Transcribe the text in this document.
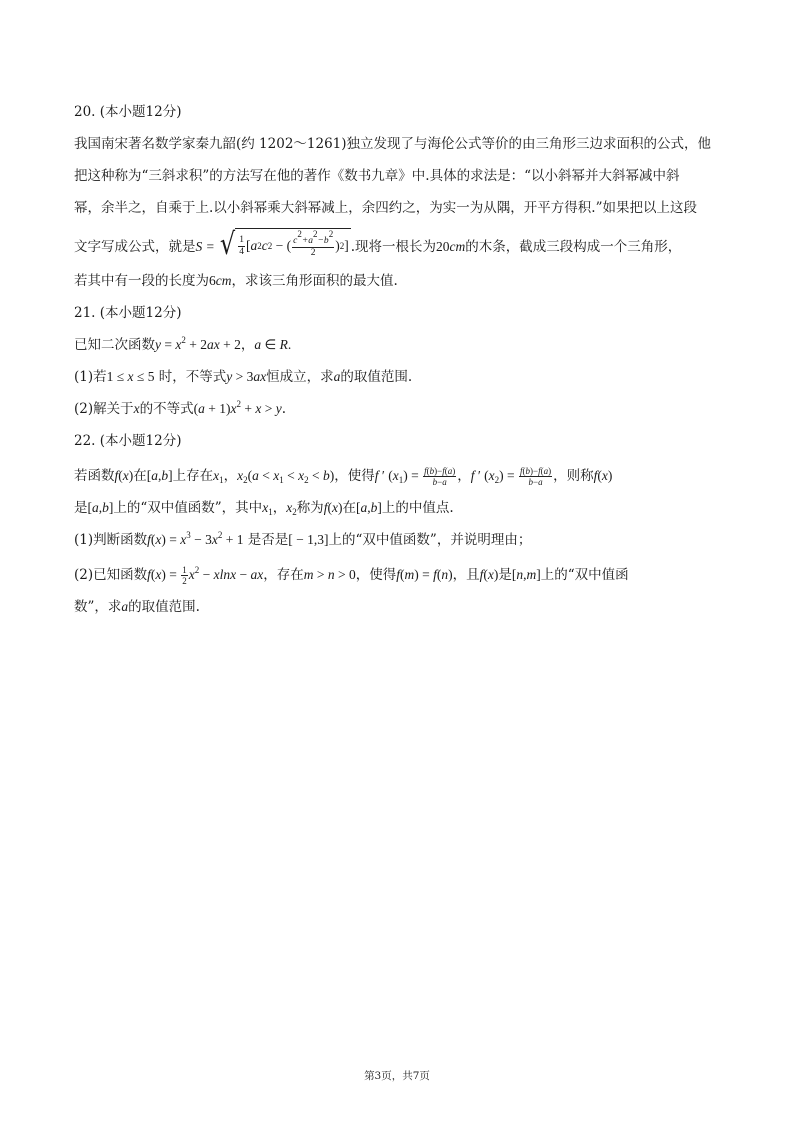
20. (本小题12分)
我国南宋著名数学家秦九韶(约 1202～1261)独立发现了与海伦公式等价的由三角形三边求面积的公式，他
把这种称为“三斜求积”的方法写在他的著作《数书九章》中.具体的求法是：“以小斜幂并大斜幂减中斜
幂，余半之，自乘于上.以小斜幂乘大斜幂减上，余四约之，为实一为从隅，开平方得积.”如果把以上这段
文字写成公式，就是S = √ $\frac{1}{4}$ [ a 2 c 2
−
( $\frac{c^2+a^2-b^2}{2}$ ) 2 ] .现将一根长为20cm的木条，截成三段构成一个三角形，
若其中有一段的长度为6cm，求该三角形面积的最大值.
21. (本小题12分)
已知二次函数$y = x^2 + 2ax + 2$，a ∈ R.
(1)若1 ≤ x ≤ 5 时，不等式y > 3ax恒成立，求a的取值范围.
(2)解关于x的不等式$(a + 1)x^2 + x > y$.
22. (本小题12分)
若函数f(x)在[a,b]上存在$x_1$，$x_2(a < x_1 < x_2 < b)$，使得f ′ $(x_1) = \frac{f(b)-f(a)}{b-a}$ ，f ′ $(x_2) = \frac{f(b)-f(a)}{b-a}$ ，则称f(x)
是[a,b]上的“双中值函数”，其中$x_1$，$x_2$称为f(x)在[a,b]上的中值点.
(1)判断函数$f(x) = x^3 - 3x^2 + 1$ 是否是[ − 1,3]上的“双中值函数”，并说明理由；
(2)已知函数$f(x) = \frac{1}{2} x^2 - xlnx$ − ax，存在m > n > 0，使得f(m) = f(n)，且f(x)是[n,m]上的“双中值函
数”，求a的取值范围.
第3页，共7页
